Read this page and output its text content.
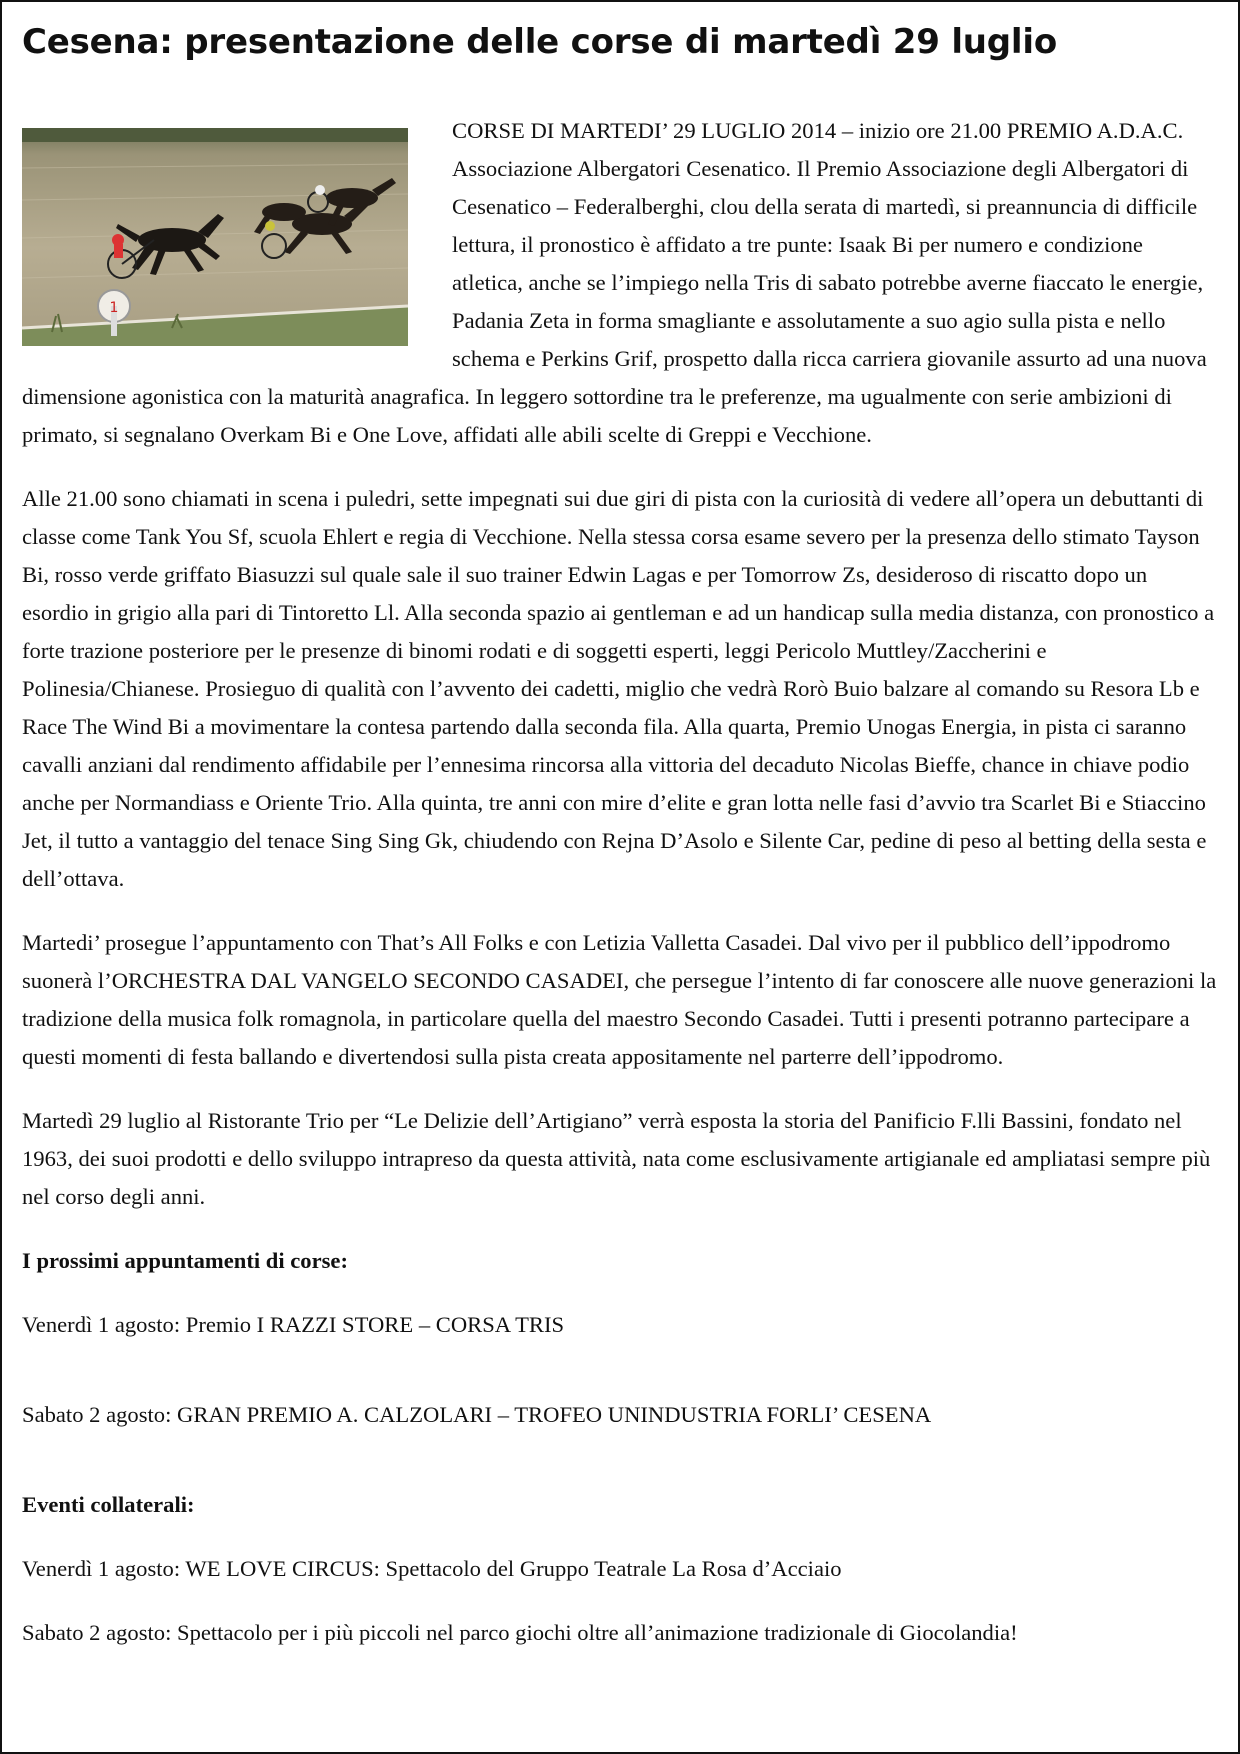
Cesena: presentazione delle corse di martedì 29 luglio
1

CORSE DI MARTEDI’ 29 LUGLIO 2014 – inizio ore 21.00 PREMIO A.D.A.C. Associazione Albergatori Cesenatico. Il Premio Associazione degli Albergatori di Cesenatico – Federalberghi, clou della serata di martedì, si preannuncia di difficile lettura, il pronostico è affidato a tre punte: Isaak Bi per numero e condizione atletica, anche se l’impiego nella Tris di sabato potrebbe averne fiaccato le energie, Padania Zeta in forma smagliante e assolutamente a suo agio sulla pista e nello schema e Perkins Grif, prospetto dalla ricca carriera giovanile assurto ad una nuova dimensione agonistica con la maturità anagrafica. In leggero sottordine tra le preferenze, ma ugualmente con serie ambizioni di primato, si segnalano Overkam Bi e One Love, affidati alle abili scelte di Greppi e Vecchione.

Alle 21.00 sono chiamati in scena i puledri, sette impegnati sui due giri di pista con la curiosità di vedere all’opera un debuttanti di classe come Tank You Sf, scuola Ehlert e regia di Vecchione. Nella stessa corsa esame severo per la presenza dello stimato Tayson Bi, rosso verde griffato Biasuzzi sul quale sale il suo trainer Edwin Lagas e per Tomorrow Zs, desideroso di riscatto dopo un esordio in grigio alla pari di Tintoretto Ll. Alla seconda spazio ai gentleman e ad un handicap sulla media distanza, con pronostico a forte trazione posteriore per le presenze di binomi rodati e di soggetti esperti, leggi Pericolo Muttley/Zaccherini e Polinesia/Chianese. Prosieguo di qualità con l’avvento dei cadetti, miglio che vedrà Rorò Buio balzare al comando su Resora Lb e Race The Wind Bi a movimentare la contesa partendo dalla seconda fila. Alla quarta, Premio Unogas Energia, in pista ci saranno cavalli anziani dal rendimento affidabile per l’ennesima rincorsa alla vittoria del decaduto Nicolas Bieffe, chance in chiave podio anche per Normandiass e Oriente Trio. Alla quinta, tre anni con mire d’elite e gran lotta nelle fasi d’avvio tra Scarlet Bi e Stiaccino Jet, il tutto a vantaggio del tenace Sing Sing Gk, chiudendo con Rejna D’Asolo e Silente Car, pedine di peso al betting della sesta e dell’ottava.

Martedi’ prosegue l’appuntamento con That’s All Folks e con Letizia Valletta Casadei. Dal vivo per il pubblico dell’ippodromo suonerà l’ORCHESTRA DAL VANGELO SECONDO CASADEI, che persegue l’intento di far conoscere alle nuove generazioni la tradizione della musica folk romagnola, in particolare quella del maestro Secondo Casadei. Tutti i presenti potranno partecipare a questi momenti di festa ballando e divertendosi sulla pista creata appositamente nel parterre dell’ippodromo.

Martedì 29 luglio al Ristorante Trio per “Le Delizie dell’Artigiano” verrà esposta la storia del Panificio F.lli Bassini, fondato nel 1963, dei suoi prodotti e dello sviluppo intrapreso da questa attività, nata come esclusivamente artigianale ed ampliatasi sempre più nel corso degli anni.

I prossimi appuntamenti di corse:

Venerdì 1 agosto: Premio I RAZZI STORE – CORSA TRIS

Sabato 2 agosto: GRAN PREMIO A. CALZOLARI – TROFEO UNINDUSTRIA FORLI’ CESENA

Eventi collaterali:

Venerdì 1 agosto: WE LOVE CIRCUS: Spettacolo del Gruppo Teatrale La Rosa d’Acciaio

Sabato 2 agosto: Spettacolo per i più piccoli nel parco giochi oltre all’animazione tradizionale di Giocolandia!
